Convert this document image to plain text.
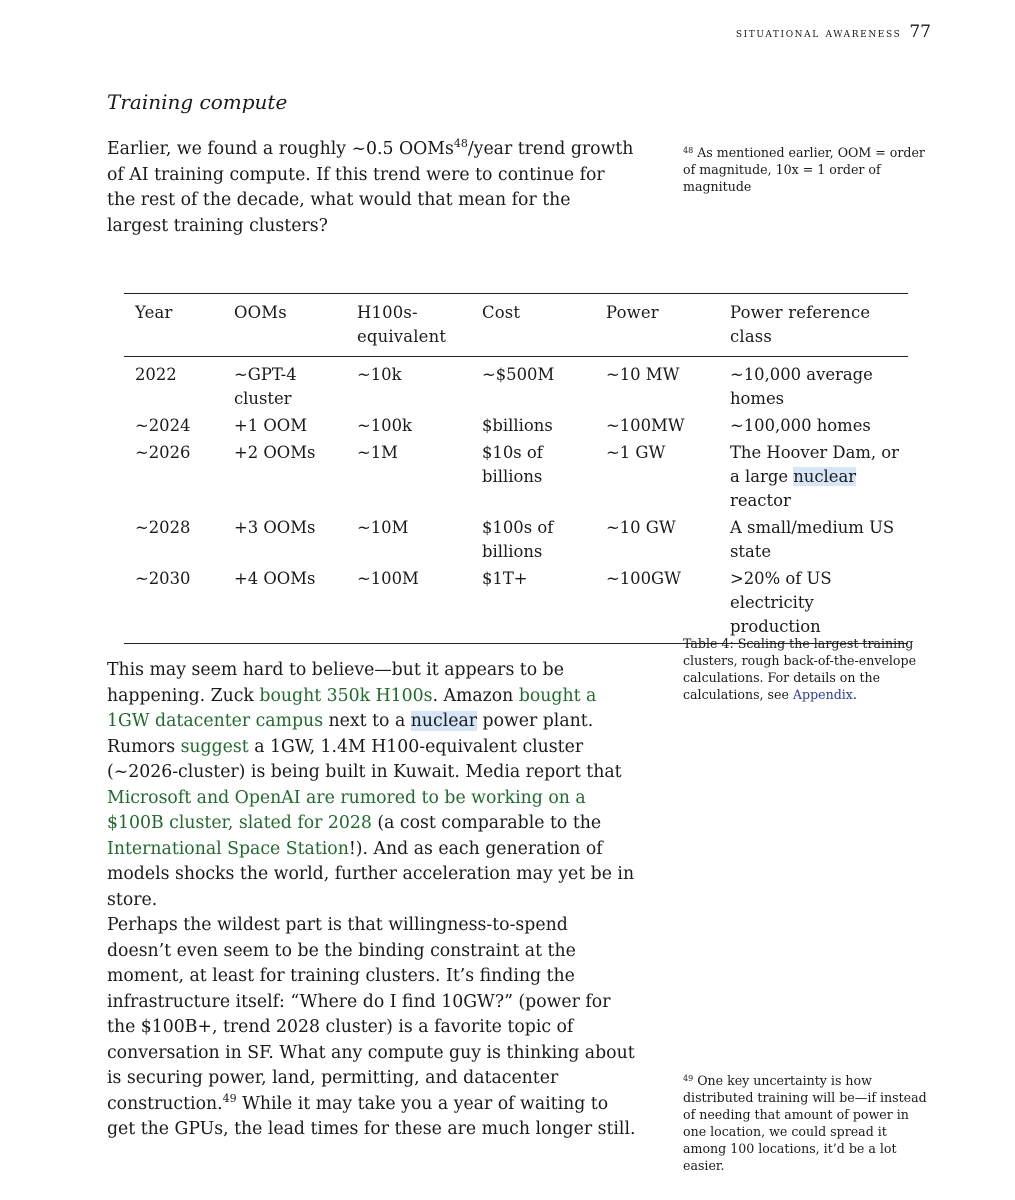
situational awareness 77
Training compute
Earlier, we found a roughly ~0.5 OOMs$^{48}$/year trend growth of AI training compute. If this trend were to continue for the rest of the decade, what would that mean for the largest training clusters?
$^{48}$ As mentioned earlier, OOM = order of magnitude, 10x = 1 order of magnitude
Year	OOMs	H100s-equivalent	Cost	Power	Power reference class
2022	~GPT-4 cluster	~10k	~$500M	~10 MW	~10,000 average homes
~2024	+1 OOM	~100k	$billions	~100MW	~100,000 homes
~2026	+2 OOMs	~1M	$10s of billions	~1 GW	The Hoover Dam, or a large nuclear reactor
~2028	+3 OOMs	~10M	$100s of billions	~10 GW	A small/medium US state
~2030	+4 OOMs	~100M	$1T+	~100GW	>20% of US electricity production
Table 4: Scaling the largest training clusters, rough back-of-the-envelope calculations. For details on the calculations, see Appendix.
This may seem hard to believe—but it appears to be happening. Zuck bought 350k H100s. Amazon bought a 1GW datacenter campus next to a nuclear power plant. Rumors suggest a 1GW, 1.4M H100-equivalent cluster (~2026-cluster) is being built in Kuwait. Media report that Microsoft and OpenAI are rumored to be working on a $100B cluster, slated for 2028 (a cost comparable to the International Space Station!). And as each generation of models shocks the world, further acceleration may yet be in store.
Perhaps the wildest part is that willingness-to-spend doesn’t even seem to be the binding constraint at the moment, at least for training clusters. It’s finding the infrastructure itself: “Where do I find 10GW?” (power for the $100B+, trend 2028 cluster) is a favorite topic of conversation in SF. What any compute guy is thinking about is securing power, land, permitting, and datacenter construction.$^{49}$ While it may take you a year of waiting to get the GPUs, the lead times for these are much longer still.
$^{49}$ One key uncertainty is how distributed training will be—if instead of needing that amount of power in one location, we could spread it among 100 locations, it’d be a lot easier.
